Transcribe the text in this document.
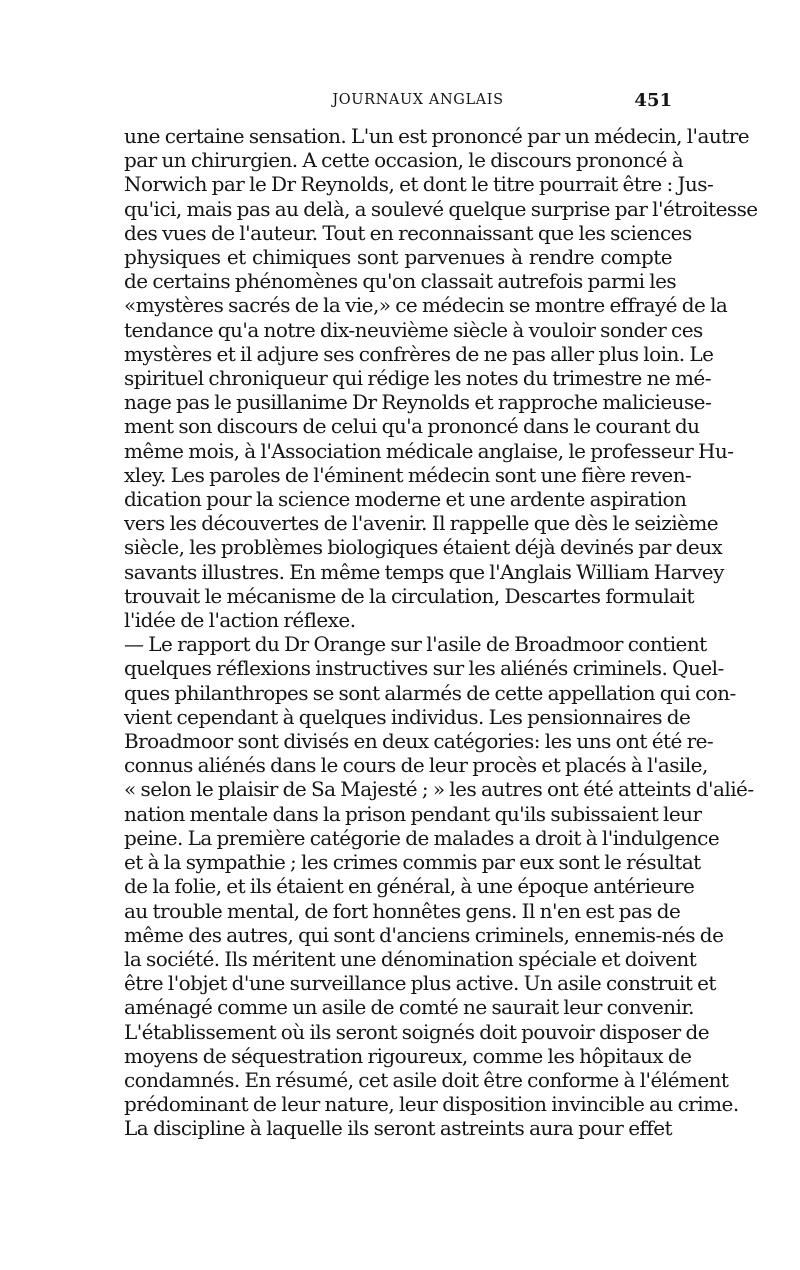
JOURNAUX ANGLAIS	451
une certaine sensation. L'un est prononcé par un médecin, l'autre
par un chirurgien. A cette occasion, le discours prononcé à
Norwich par le Dr Reynolds, et dont le titre pourrait être : Jus-
qu'ici, mais pas au delà, a soulevé quelque surprise par l'étroitesse
des vues de l'auteur. Tout en reconnaissant que les sciences
physiques et chimiques sont parvenues à rendre compte
de certains phénomènes qu'on classait autrefois parmi les
«mystères sacrés de la vie,» ce médecin se montre effrayé de la
tendance qu'a notre dix-neuvième siècle à vouloir sonder ces
mystères et il adjure ses confrères de ne pas aller plus loin. Le
spirituel chroniqueur qui rédige les notes du trimestre ne mé-
nage pas le pusillanime Dr Reynolds et rapproche malicieuse-
ment son discours de celui qu'a prononcé dans le courant du
même mois, à l'Association médicale anglaise, le professeur Hu-
xley. Les paroles de l'éminent médecin sont une fière reven-
dication pour la science moderne et une ardente aspiration
vers les découvertes de l'avenir. Il rappelle que dès le seizième
siècle, les problèmes biologiques étaient déjà devinés par deux
savants illustres. En même temps que l'Anglais William Harvey
trouvait le mécanisme de la circulation, Descartes formulait
l'idée de l'action réflexe.
— Le rapport du Dr Orange sur l'asile de Broadmoor contient
quelques réflexions instructives sur les aliénés criminels. Quel-
ques philanthropes se sont alarmés de cette appellation qui con-
vient cependant à quelques individus. Les pensionnaires de
Broadmoor sont divisés en deux catégories: les uns ont été re-
connus aliénés dans le cours de leur procès et placés à l'asile,
« selon le plaisir de Sa Majesté ; » les autres ont été atteints d'alié-
nation mentale dans la prison pendant qu'ils subissaient leur
peine. La première catégorie de malades a droit à l'indulgence
et à la sympathie ; les crimes commis par eux sont le résultat
de la folie, et ils étaient en général, à une époque antérieure
au trouble mental, de fort honnêtes gens. Il n'en est pas de
même des autres, qui sont d'anciens criminels, ennemis-nés de
la société. Ils méritent une dénomination spéciale et doivent
être l'objet d'une surveillance plus active. Un asile construit et
aménagé comme un asile de comté ne saurait leur convenir.
L'établissement où ils seront soignés doit pouvoir disposer de
moyens de séquestration rigoureux, comme les hôpitaux de
condamnés. En résumé, cet asile doit être conforme à l'élément
prédominant de leur nature, leur disposition invincible au crime.
La discipline à laquelle ils seront astreints aura pour effet
